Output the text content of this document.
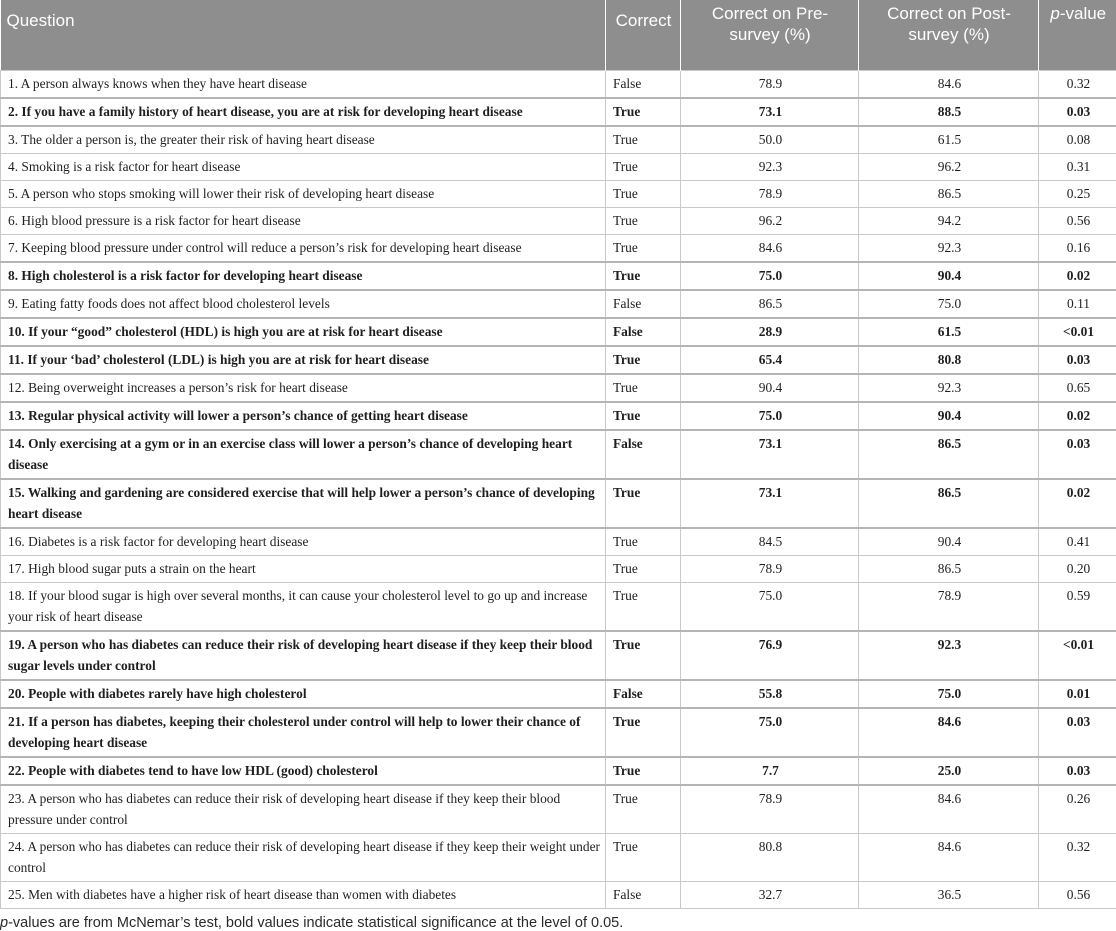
Question	Correct	Correct on Pre-survey (%)	Correct on Post-survey (%)	p-value
1. A person always knows when they have heart disease	False	78.9	84.6	0.32
2. If you have a family history of heart disease, you are at risk for developing heart disease	True	73.1	88.5	0.03
3. The older a person is, the greater their risk of having heart disease	True	50.0	61.5	0.08
4. Smoking is a risk factor for heart disease	True	92.3	96.2	0.31
5. A person who stops smoking will lower their risk of developing heart disease	True	78.9	86.5	0.25
6. High blood pressure is a risk factor for heart disease	True	96.2	94.2	0.56
7. Keeping blood pressure under control will reduce a person’s risk for developing heart disease	True	84.6	92.3	0.16
8. High cholesterol is a risk factor for developing heart disease	True	75.0	90.4	0.02
9. Eating fatty foods does not affect blood cholesterol levels	False	86.5	75.0	0.11
10. If your “good” cholesterol (HDL) is high you are at risk for heart disease	False	28.9	61.5	<0.01
11. If your ‘bad’ cholesterol (LDL) is high you are at risk for heart disease	True	65.4	80.8	0.03
12. Being overweight increases a person’s risk for heart disease	True	90.4	92.3	0.65
13. Regular physical activity will lower a person’s chance of getting heart disease	True	75.0	90.4	0.02
14. Only exercising at a gym or in an exercise class will lower a person’s chance of developing heart disease	False	73.1	86.5	0.03
15. Walking and gardening are considered exercise that will help lower a person’s chance of developing heart disease	True	73.1	86.5	0.02
16. Diabetes is a risk factor for developing heart disease	True	84.5	90.4	0.41
17. High blood sugar puts a strain on the heart	True	78.9	86.5	0.20
18. If your blood sugar is high over several months, it can cause your cholesterol level to go up and increase your risk of heart disease	True	75.0	78.9	0.59
19. A person who has diabetes can reduce their risk of developing heart disease if they keep their blood sugar levels under control	True	76.9	92.3	<0.01
20. People with diabetes rarely have high cholesterol	False	55.8	75.0	0.01
21. If a person has diabetes, keeping their cholesterol under control will help to lower their chance of developing heart disease	True	75.0	84.6	0.03
22. People with diabetes tend to have low HDL (good) cholesterol	True	7.7	25.0	0.03
23. A person who has diabetes can reduce their risk of developing heart disease if they keep their blood pressure under control	True	78.9	84.6	0.26
24. A person who has diabetes can reduce their risk of developing heart disease if they keep their weight under control	True	80.8	84.6	0.32
25. Men with diabetes have a higher risk of heart disease than women with diabetes	False	32.7	36.5	0.56
p-values are from McNemar’s test, bold values indicate statistical significance at the level of 0.05.
